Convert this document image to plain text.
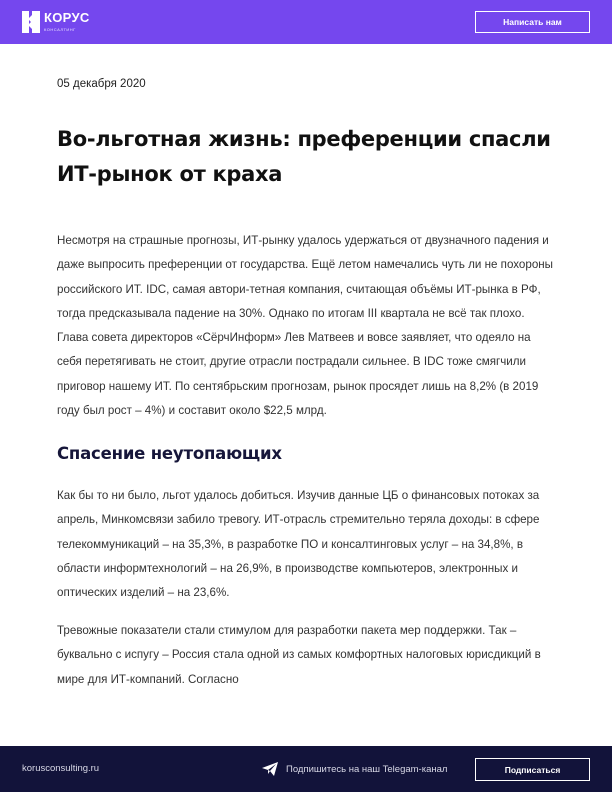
КОРУС
КОНСАЛТИНГ
Написать нам
05 декабря 2020
Во-льготная жизнь: преференции спасли ИТ-рынок от краха

Несмотря на страшные прогнозы, ИТ-рынку удалось удержаться от двузначного падения и даже выпросить преференции от государства. Ещё летом намечались чуть ли не похороны российского ИТ. IDC, самая автори-тетная компания, считающая объёмы ИТ-рынка в РФ, тогда предсказывала падение на 30%. Однако по итогам III квартала не всё так плохо. Глава совета директоров «СёрчИнформ» Лев Матвеев и вовсе заявляет, что одеяло на себя перетягивать не стоит, другие отрасли пострадали сильнее. В IDC тоже смягчили приговор нашему ИТ. По сентябрьским прогнозам, рынок просядет лишь на 8,2% (в 2019 году был рост – 4%) и составит около $22,5 млрд.

Спасение неутопающих

Как бы то ни было, льгот удалось добиться. Изучив данные ЦБ о финансовых потоках за апрель, Минкомсвязи забило тревогу. ИТ-отрасль стремительно теряла доходы: в сфере телекоммуникаций – на 35,3%, в разработке ПО и консалтинговых услуг – на 34,8%, в области информтехнологий – на 26,9%, в производстве компьютеров, электронных и оптических изделий – на 23,6%.

Тревожные показатели стали стимулом для разработки пакета мер поддержки. Так – буквально с испугу – Россия стала одной из самых комфортных налоговых юрисдикций в мире для ИТ-компаний. Согласно

korusconsulting.ru	Подпишитесь на наш Telegam-канал	Подписаться
